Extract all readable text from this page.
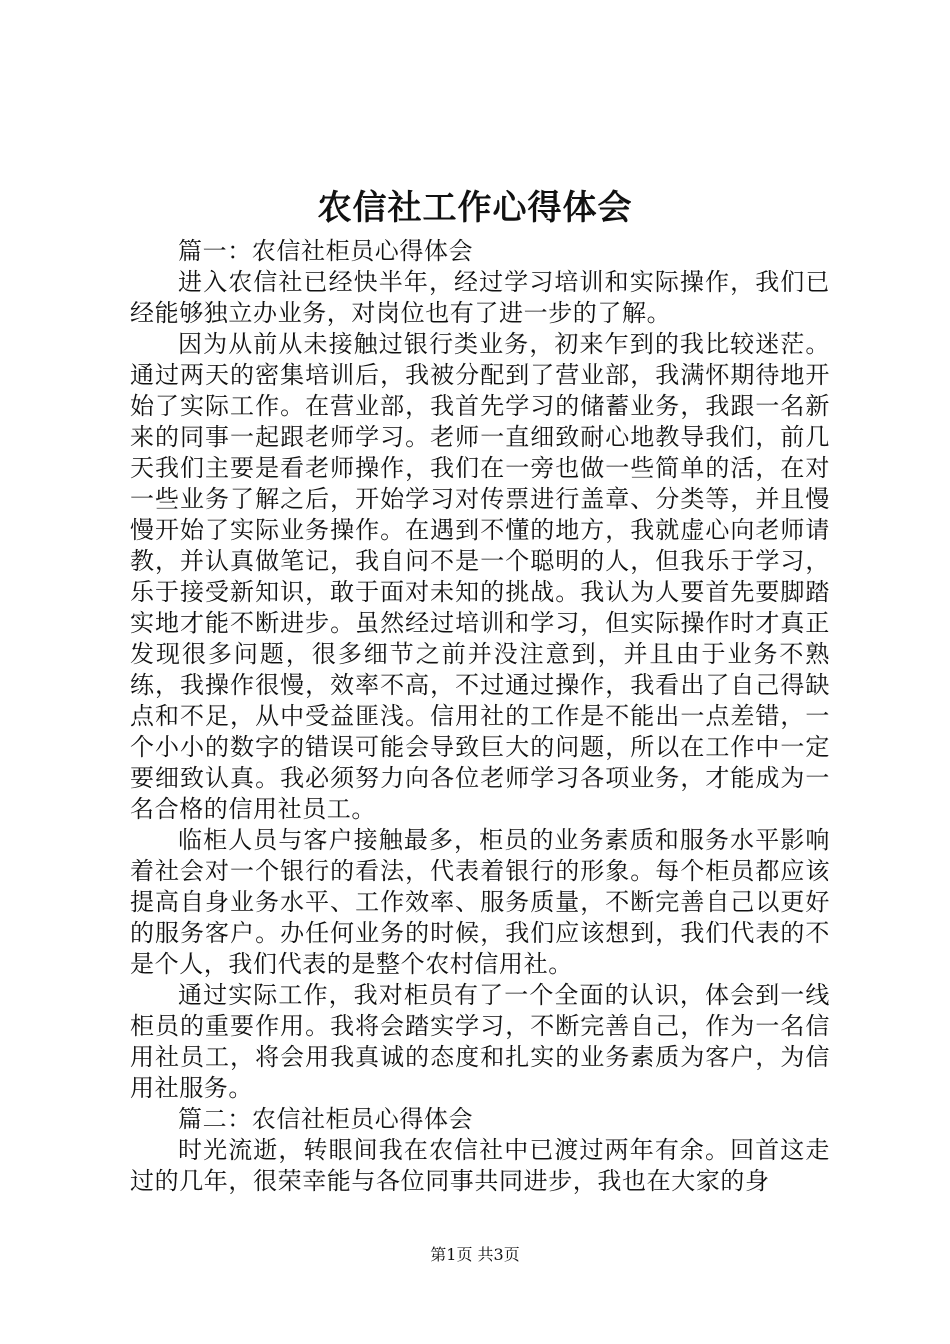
农信社工作心得体会

篇一：农信社柜员心得体会

进入农信社已经快半年，经过学习培训和实际操作，我们已经能够独立办业务，对岗位也有了进一步的了解。

因为从前从未接触过银行类业务，初来乍到的我比较迷茫。通过两天的密集培训后，我被分配到了营业部，我满怀期待地开始了实际工作。在营业部，我首先学习的储蓄业务，我跟一名新来的同事一起跟老师学习。老师一直细致耐心地教导我们，前几天我们主要是看老师操作，我们在一旁也做一些简单的活，在对一些业务了解之后，开始学习对传票进行盖章、分类等，并且慢慢开始了实际业务操作。在遇到不懂的地方，我就虚心向老师请教，并认真做笔记，我自问不是一个聪明的人，但我乐于学习，乐于接受新知识，敢于面对未知的挑战。我认为人要首先要脚踏实地才能不断进步。虽然经过培训和学习，但实际操作时才真正发现很多问题，很多细节之前并没注意到，并且由于业务不熟练，我操作很慢，效率不高，不过通过操作，我看出了自己得缺点和不足，从中受益匪浅。信用社的工作是不能出一点差错，一个小小的数字的错误可能会导致巨大的问题，所以在工作中一定要细致认真。我必须努力向各位老师学习各项业务，才能成为一名合格的信用社员工。

临柜人员与客户接触最多，柜员的业务素质和服务水平影响着社会对一个银行的看法，代表着银行的形象。每个柜员都应该提高自身业务水平、工作效率、服务质量，不断完善自己以更好的服务客户。办任何业务的时候，我们应该想到，我们代表的不是个人，我们代表的是整个农村信用社。

通过实际工作，我对柜员有了一个全面的认识，体会到一线柜员的重要作用。我将会踏实学习，不断完善自己，作为一名信用社员工，将会用我真诚的态度和扎实的业务素质为客户，为信用社服务。

篇二：农信社柜员心得体会

时光流逝，转眼间我在农信社中已渡过两年有余。回首这走过的几年，很荣幸能与各位同事共同进步，我也在大家的身

第1页 共3页
